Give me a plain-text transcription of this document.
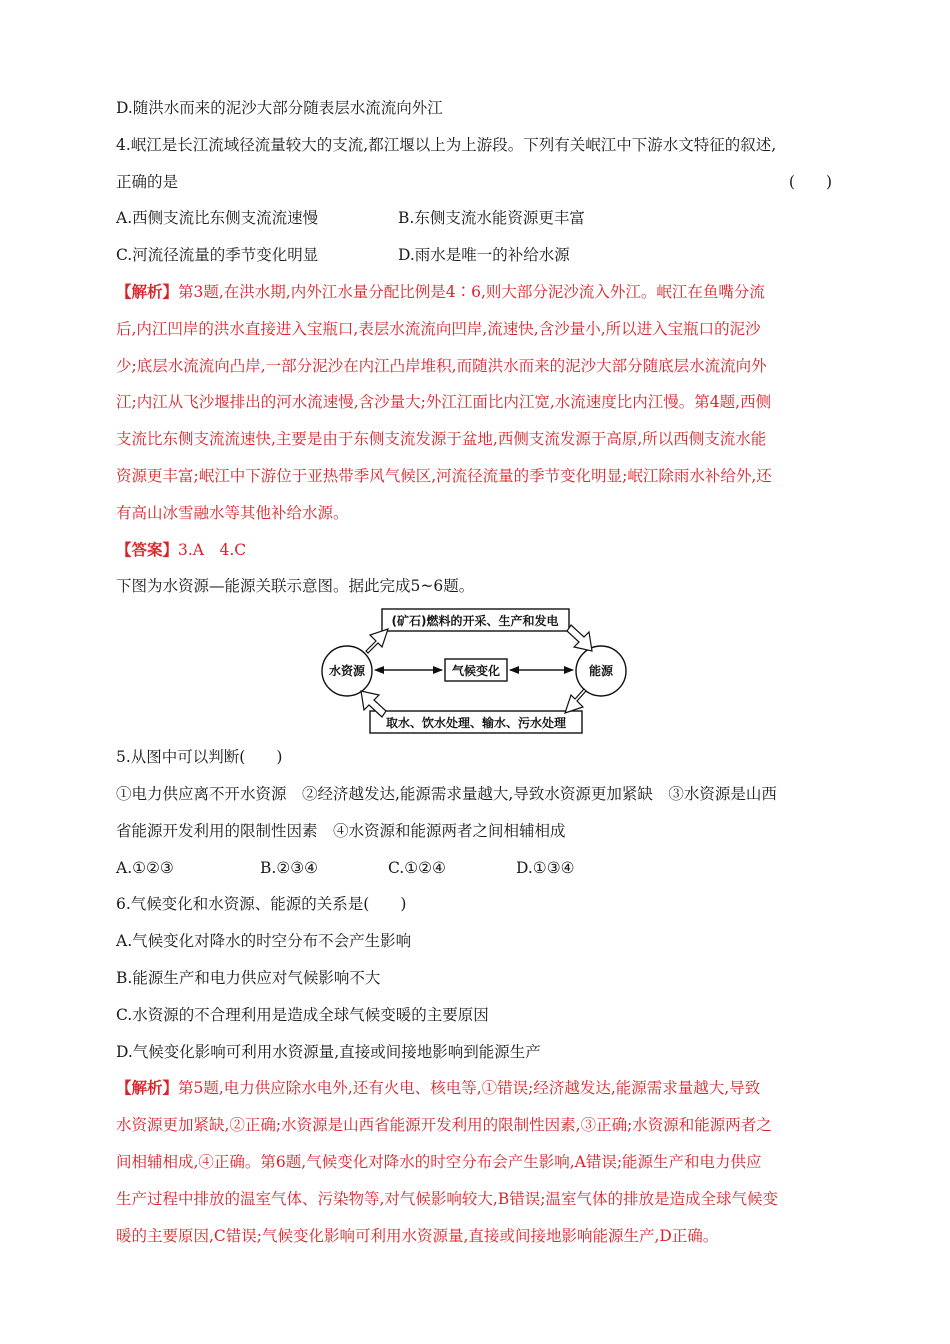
D.随洪水而来的泥沙大部分随表层水流流向外江

4.岷江是长江流域径流量较大的支流,都江堰以上为上游段。下列有关岷江中下游水文特征的叙述,

正确的是	(　　)

A.西侧支流比东侧支流流速慢	B.东侧支流水能资源更丰富
C.河流径流量的季节变化明显	D.雨水是唯一的补给水源

【解析】第3题,在洪水期,内外江水量分配比例是4∶6,则大部分泥沙流入外江。岷江在鱼嘴分流

后,内江凹岸的洪水直接进入宝瓶口,表层水流流向凹岸,流速快,含沙量小,所以进入宝瓶口的泥沙

少;底层水流流向凸岸,一部分泥沙在内江凸岸堆积,而随洪水而来的泥沙大部分随底层水流流向外

江;内江从飞沙堰排出的河水流速慢,含沙量大;外江江面比内江宽,水流速度比内江慢。第4题,西侧

支流比东侧支流流速快,主要是由于东侧支流发源于盆地,西侧支流发源于高原,所以西侧支流水能

资源更丰富;岷江中下游位于亚热带季风气候区,河流径流量的季节变化明显;岷江除雨水补给外,还

有高山冰雪融水等其他补给水源。

【答案】3.A　4.C

下图为水资源—能源关联示意图。据此完成5~6题。

水资源	能源
(矿石)燃料的开采、生产和发电
气候变化
取水、饮水处理、输水、污水处理

5.从图中可以判断(　　)

①电力供应离不开水资源　②经济越发达,能源需求量越大,导致水资源更加紧缺　③水资源是山西

省能源开发利用的限制性因素　④水资源和能源两者之间相辅相成

A.①②③	B.②③④	C.①②④	D.①③④

6.气候变化和水资源、能源的关系是(　　)

A.气候变化对降水的时空分布不会产生影响

B.能源生产和电力供应对气候影响不大

C.水资源的不合理利用是造成全球气候变暖的主要原因

D.气候变化影响可利用水资源量,直接或间接地影响到能源生产

【解析】第5题,电力供应除水电外,还有火电、核电等,①错误;经济越发达,能源需求量越大,导致

水资源更加紧缺,②正确;水资源是山西省能源开发利用的限制性因素,③正确;水资源和能源两者之

间相辅相成,④正确。第6题,气候变化对降水的时空分布会产生影响,A错误;能源生产和电力供应

生产过程中排放的温室气体、污染物等,对气候影响较大,B错误;温室气体的排放是造成全球气候变

暖的主要原因,C错误;气候变化影响可利用水资源量,直接或间接地影响能源生产,D正确。
